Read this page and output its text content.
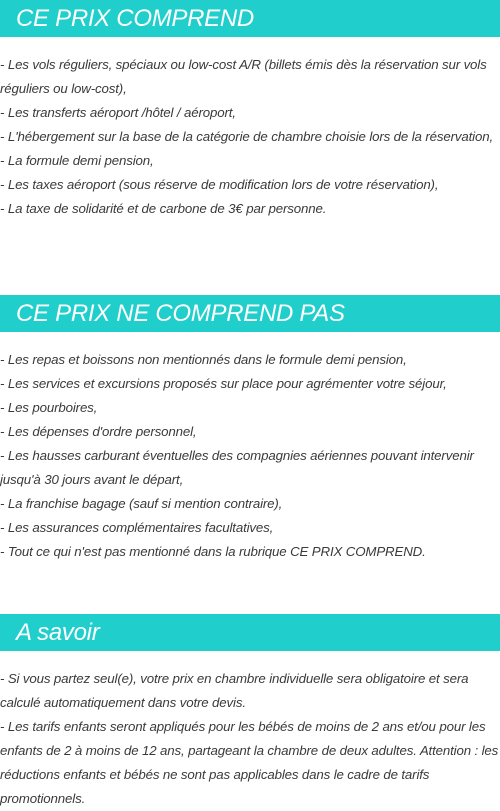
CE PRIX COMPREND
- Les vols réguliers, spéciaux ou low-cost A/R (billets émis dès la réservation sur vols réguliers ou low-cost),
- Les transferts aéroport /hôtel / aéroport,
- L'hébergement sur la base de la catégorie de chambre choisie lors de la réservation,
- La formule demi pension,
- Les taxes aéroport (sous réserve de modification lors de votre réservation),
- La taxe de solidarité et de carbone de 3€ par personne.
CE PRIX NE COMPREND PAS
- Les repas et boissons non mentionnés dans le formule demi pension,
- Les services et excursions proposés sur place pour agrémenter votre séjour,
- Les pourboires,
- Les dépenses d'ordre personnel,
- Les hausses carburant éventuelles des compagnies aériennes pouvant intervenir jusqu'à 30 jours avant le départ,
- La franchise bagage (sauf si mention contraire),
- Les assurances complémentaires facultatives,
- Tout ce qui n'est pas mentionné dans la rubrique CE PRIX COMPREND.
A savoir
- Si vous partez seul(e), votre prix en chambre individuelle sera obligatoire et sera calculé automatiquement dans votre devis.
- Les tarifs enfants seront appliqués pour les bébés de moins de 2 ans et/ou pour les enfants de 2 à moins de 12 ans, partageant la chambre de deux adultes. Attention : les réductions enfants et bébés ne sont pas applicables dans le cadre de tarifs promotionnels.
